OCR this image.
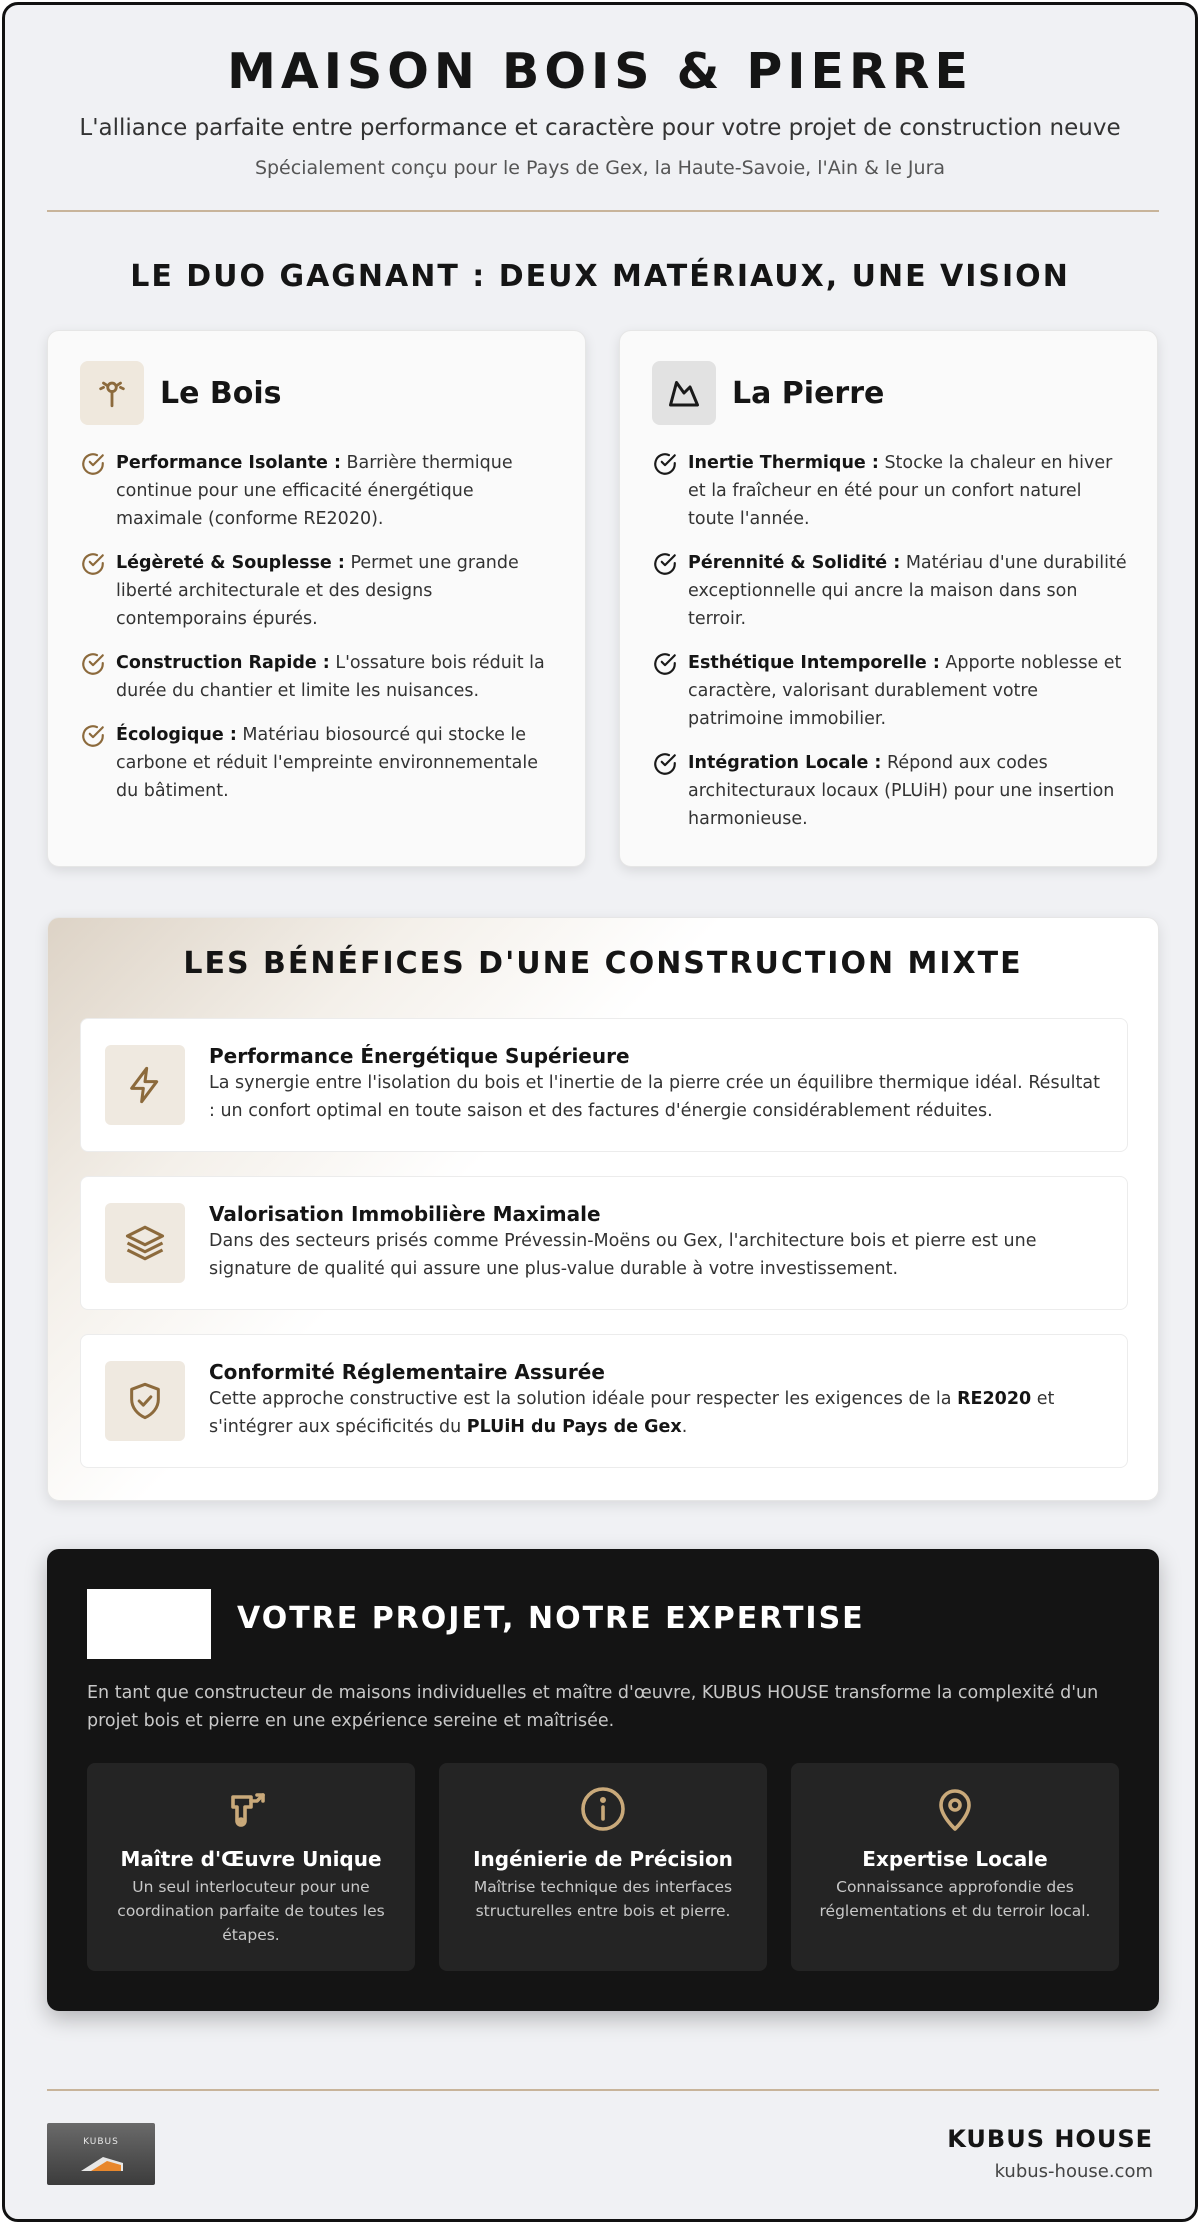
MAISON BOIS & PIERRE
L'alliance parfaite entre performance et caractère pour votre projet de construction neuve
Spécialement conçu pour le Pays de Gex, la Haute-Savoie, l'Ain & le Jura
LE DUO GAGNANT : DEUX MATÉRIAUX, UNE VISION
Le Bois
Performance Isolante : Barrière thermique continue pour une efficacité énergétique maximale (conforme RE2020).
Légèreté & Souplesse : Permet une grande liberté architecturale et des designs contemporains épurés.
Construction Rapide : L'ossature bois réduit la durée du chantier et limite les nuisances.
Écologique : Matériau biosourcé qui stocke le carbone et réduit l'empreinte environnementale du bâtiment.
La Pierre
Inertie Thermique : Stocke la chaleur en hiver et la fraîcheur en été pour un confort naturel toute l'année.
Pérennité & Solidité : Matériau d'une durabilité exceptionnelle qui ancre la maison dans son terroir.
Esthétique Intemporelle : Apporte noblesse et caractère, valorisant durablement votre patrimoine immobilier.
Intégration Locale : Répond aux codes architecturaux locaux (PLUiH) pour une insertion harmonieuse.
LES BÉNÉFICES D'UNE CONSTRUCTION MIXTE
Performance Énergétique Supérieure
La synergie entre l'isolation du bois et l'inertie de la pierre crée un équilibre thermique idéal. Résultat : un confort optimal en toute saison et des factures d'énergie considérablement réduites.
Valorisation Immobilière Maximale
Dans des secteurs prisés comme Prévessin-Moëns ou Gex, l'architecture bois et pierre est une signature de qualité qui assure une plus-value durable à votre investissement.
Conformité Réglementaire Assurée
Cette approche constructive est la solution idéale pour respecter les exigences de la RE2020 et s'intégrer aux spécificités du PLUiH du Pays de Gex.
VOTRE PROJET, NOTRE EXPERTISE
En tant que constructeur de maisons individuelles et maître d'œuvre, KUBUS HOUSE transforme la complexité d'un projet bois et pierre en une expérience sereine et maîtrisée.
Maître d'Œuvre Unique
Un seul interlocuteur pour une coordination parfaite de toutes les étapes.
Ingénierie de Précision
Maîtrise technique des interfaces structurelles entre bois et pierre.
Expertise Locale
Connaissance approfondie des réglementations et du terroir local.
KUBUS	KUBUS HOUSE
kubus-house.com
